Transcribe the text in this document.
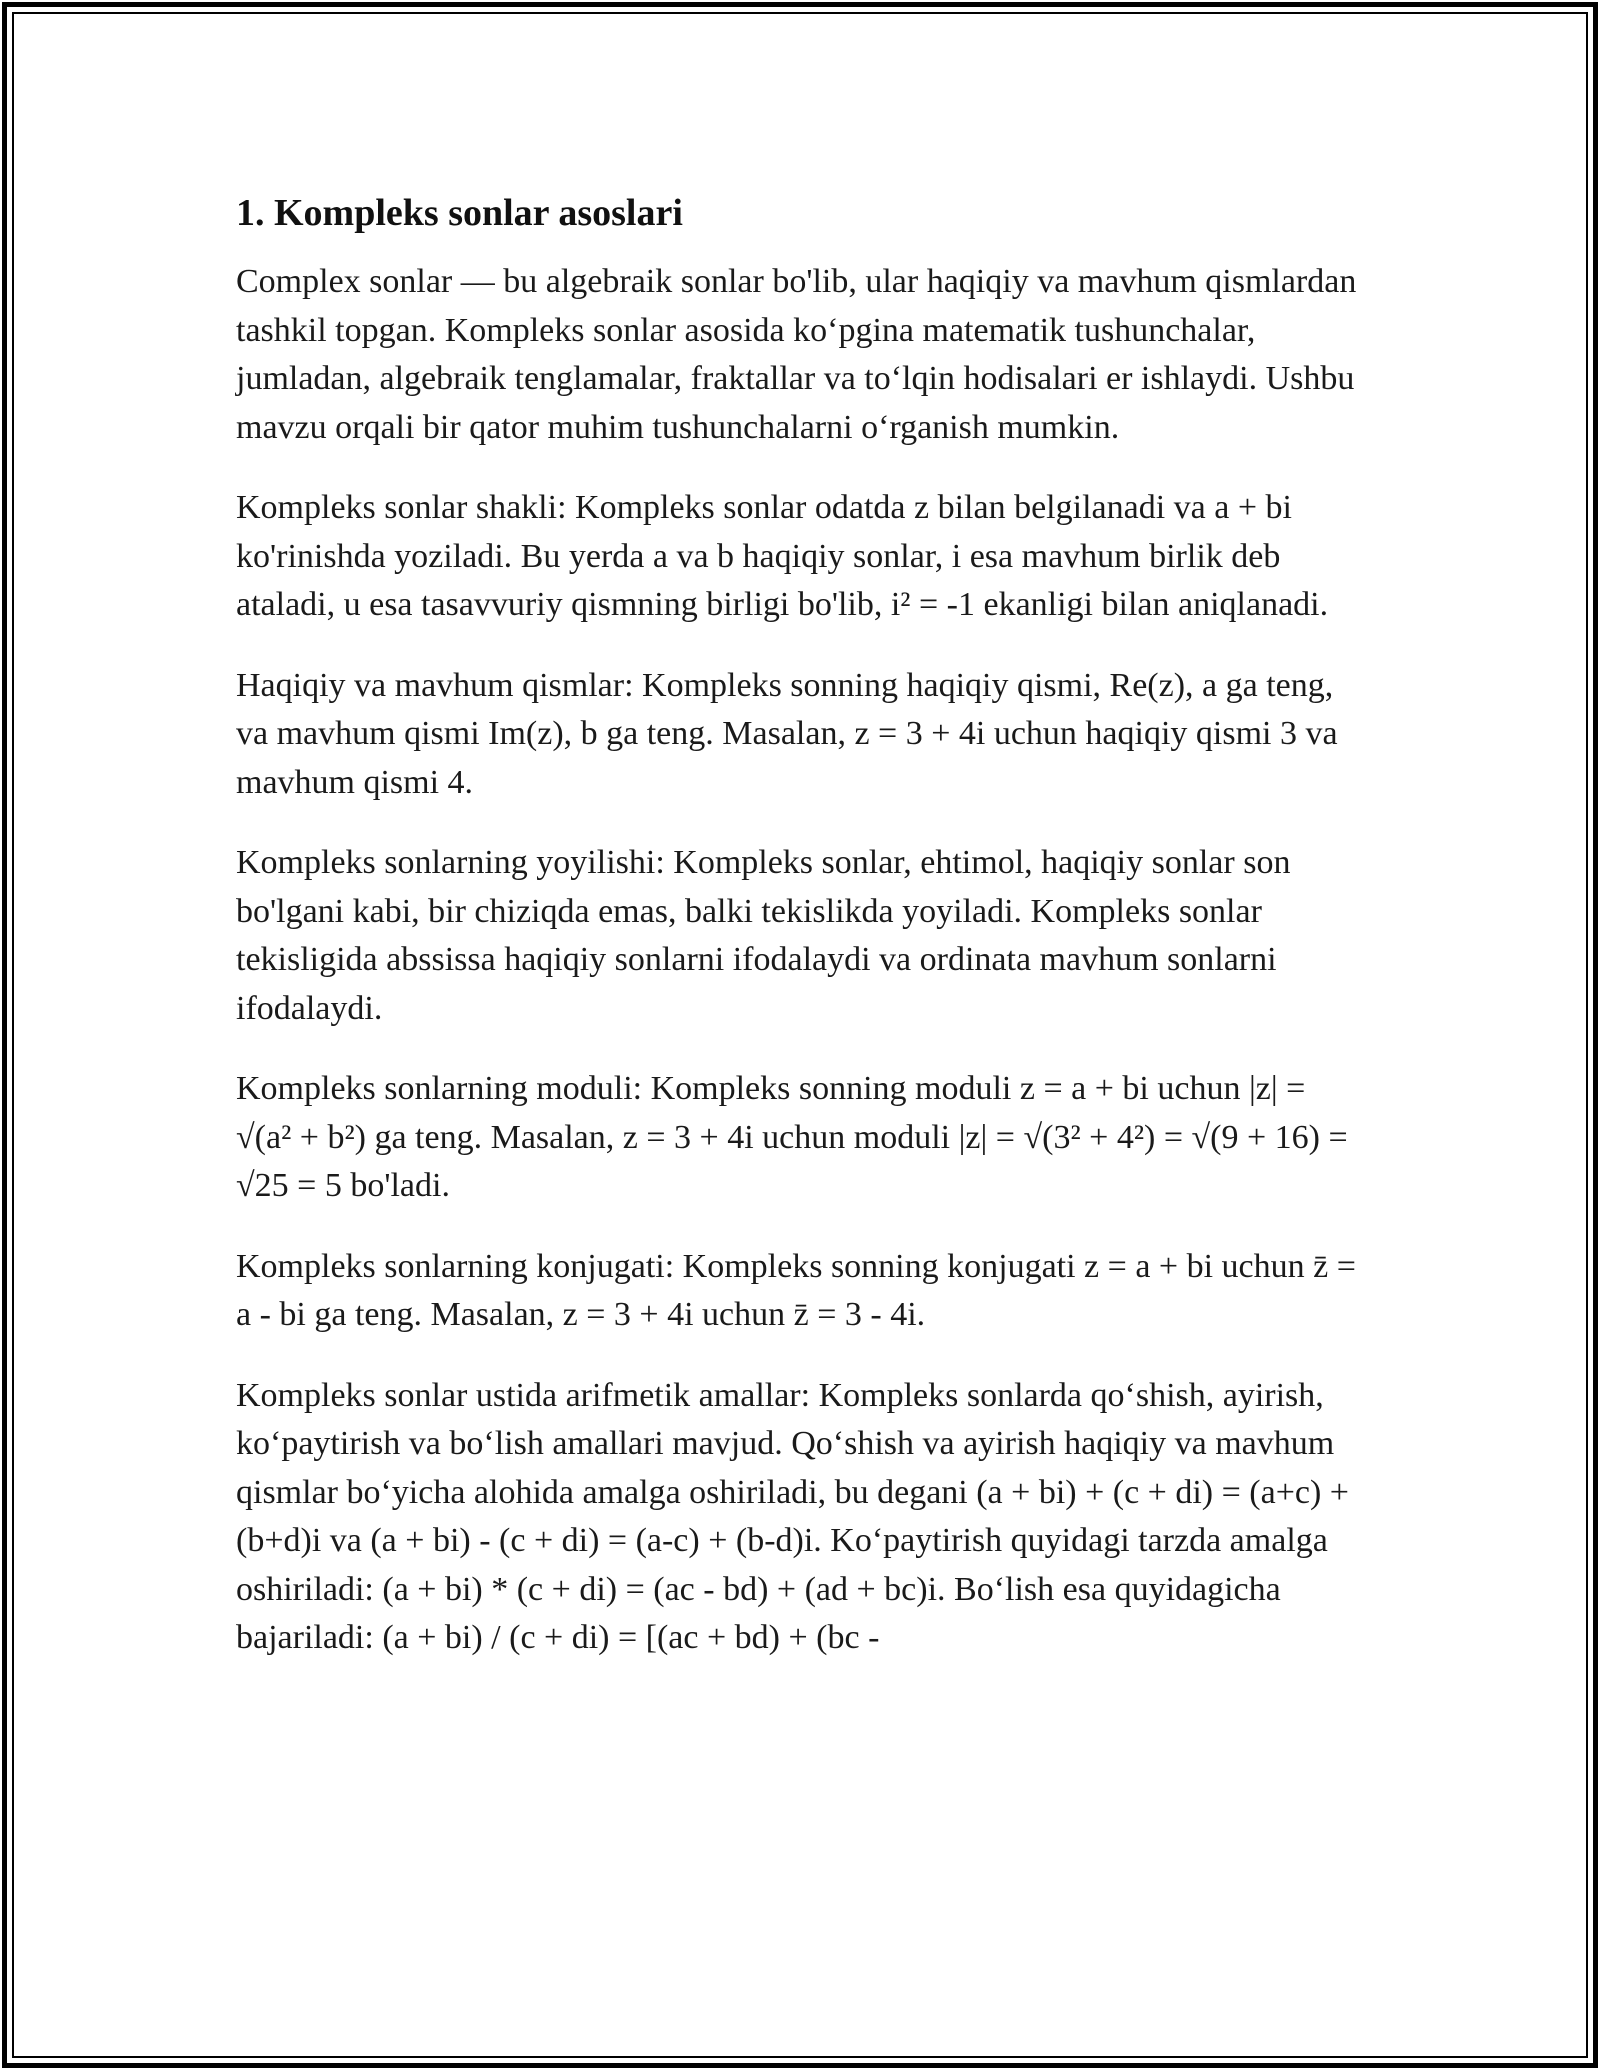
1. Kompleks sonlar asoslari

Complex sonlar — bu algebraik sonlar bo'lib, ular haqiqiy va mavhum qismlardan tashkil topgan. Kompleks sonlar asosida ko‘pgina matematik tushunchalar, jumladan, algebraik tenglamalar, fraktallar va to‘lqin hodisalari er ishlaydi. Ushbu mavzu orqali bir qator muhim tushunchalarni o‘rganish mumkin.

Kompleks sonlar shakli: Kompleks sonlar odatda z bilan belgilanadi va a + bi ko'rinishda yoziladi. Bu yerda a va b haqiqiy sonlar, i esa mavhum birlik deb ataladi, u esa tasavvuriy qismning birligi bo'lib, i² = -1 ekanligi bilan aniqlanadi.

Haqiqiy va mavhum qismlar: Kompleks sonning haqiqiy qismi, Re(z), a ga teng, va mavhum qismi Im(z), b ga teng. Masalan, z = 3 + 4i uchun haqiqiy qismi 3 va mavhum qismi 4.

Kompleks sonlarning yoyilishi: Kompleks sonlar, ehtimol, haqiqiy sonlar son bo'lgani kabi, bir chiziqda emas, balki tekislikda yoyiladi. Kompleks sonlar tekisligida abssissa haqiqiy sonlarni ifodalaydi va ordinata mavhum sonlarni ifodalaydi.

Kompleks sonlarning moduli: Kompleks sonning moduli z = a + bi uchun |z| = √(a² + b²) ga teng. Masalan, z = 3 + 4i uchun moduli |z| = √(3² + 4²) = √(9 + 16) = √25 = 5 bo'ladi.

Kompleks sonlarning konjugati: Kompleks sonning konjugati z = a + bi uchun z̄ = a - bi ga teng. Masalan, z = 3 + 4i uchun z̄ = 3 - 4i.

Kompleks sonlar ustida arifmetik amallar: Kompleks sonlarda qo‘shish, ayirish, ko‘paytirish va bo‘lish amallari mavjud. Qo‘shish va ayirish haqiqiy va mavhum qismlar bo‘yicha alohida amalga oshiriladi, bu degani (a + bi) + (c + di) = (a+c) + (b+d)i va (a + bi) - (c + di) = (a-c) + (b-d)i. Ko‘paytirish quyidagi tarzda amalga oshiriladi: (a + bi) * (c + di) = (ac - bd) + (ad + bc)i. Bo‘lish esa quyidagicha bajariladi: (a + bi) / (c + di) = [(ac + bd) + (bc -
